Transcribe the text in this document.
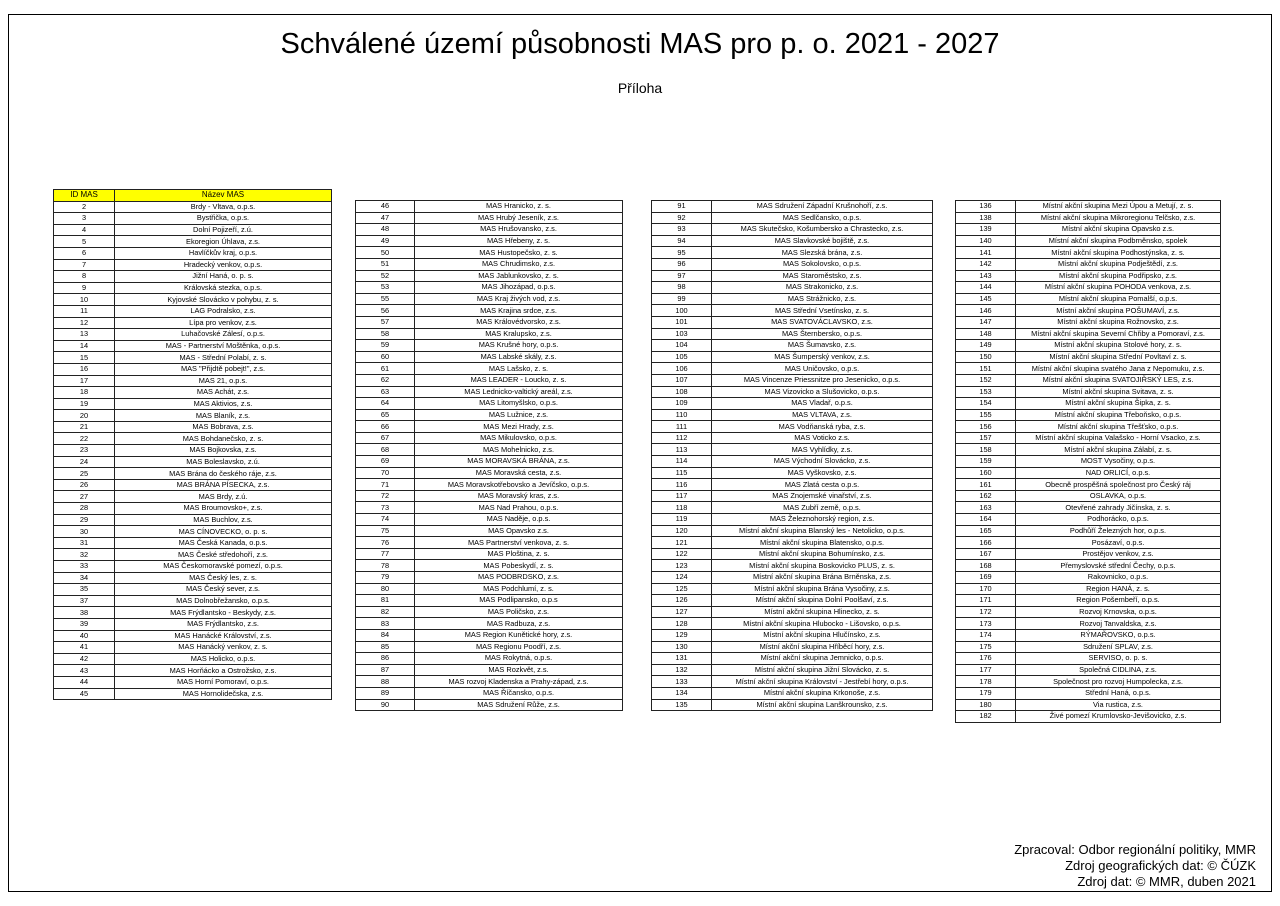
Schválené území působnosti MAS pro p. o. 2021 - 2027
Příloha
ID MAS	Název MAS
2	Brdy - Vltava, o.p.s.
3	Bystřička, o.p.s.
4	Dolní Pojizeří, z.ú.
5	Ekoregion Úhlava, z.s.
6	Havlíčkův kraj, o.p.s.
7	Hradecký venkov, o.p.s.
8	Jižní Haná, o. p. s.
9	Královská stezka, o.p.s.
10	Kyjovské Slovácko v pohybu, z. s.
11	LAG Podralsko, z.s.
12	Lípa pro venkov, z.s.
13	Luhačovské Zálesí, o.p.s.
14	MAS - Partnerství Moštěnka, o.p.s.
15	MAS - Střední Polabí, z. s.
16	MAS "Přijdtě pobejt!", z.s.
17	MAS 21, o.p.s.
18	MAS Achát, z.s.
19	MAS Aktivios, z.s.
20	MAS Blaník, z.s.
21	MAS Bobrava, z.s.
22	MAS Bohdanečsko, z. s.
23	MAS Bojkovska, z.s.
24	MAS Boleslavsko, z.ú.
25	MAS Brána do českého ráje, z.s.
26	MAS BRÁNA PÍSECKA, z.s.
27	MAS Brdy, z.ú.
28	MAS Broumovsko+, z.s.
29	MAS Buchlov, z.s.
30	MAS CÍNOVECKO, o. p. s.
31	MAS Česká Kanada, o.p.s.
32	MAS České středohoří, z.s.
33	MAS Českomoravské pomezí, o.p.s.
34	MAS Český les, z. s.
35	MAS Český sever, z.s.
37	MAS Dolnobřežansko, o.p.s.
38	MAS Frýdlantsko - Beskydy, z.s.
39	MAS Frýdlantsko, z.s.
40	MAS Hanácké Království, z.s.
41	MAS Hanácký venkov, z. s.
42	MAS Holicko, o.p.s.
43	MAS Horňácko a Ostrožsko, z.s.
44	MAS Horní Pomoraví, o.p.s.
45	MAS Hornolidečska, z.s.
46	MAS Hranicko, z. s.
47	MAS Hrubý Jeseník, z.s.
48	MAS Hrušovansko, z.s.
49	MAS Hřebeny, z. s.
50	MAS Hustopečsko, z. s.
51	MAS Chrudimsko, z.s.
52	MAS Jablunkovsko, z. s.
53	MAS Jihozápad, o.p.s.
55	MAS Kraj živých vod, z.s.
56	MAS Krajina srdce, z.s.
57	MAS Královédvorsko, z.s.
58	MAS Kralupsko, z.s.
59	MAS Krušné hory, o.p.s.
60	MAS Labské skály, z.s.
61	MAS Lašsko, z. s.
62	MAS LEADER - Loucko, z. s.
63	MAS Lednicko-valtický areál, z.s.
64	MAS Litomyšlsko, o.p.s.
65	MAS Lužnice, z.s.
66	MAS Mezi Hrady, z.s.
67	MAS Mikulovsko, o.p.s.
68	MAS Mohelnicko, z.s.
69	MAS MORAVSKÁ BRÁNA, z.s.
70	MAS Moravská cesta, z.s.
71	MAS Moravskotřebovsko a Jevíčsko, o.p.s.
72	MAS Moravský kras, z.s.
73	MAS Nad Prahou, o.p.s.
74	MAS Naděje, o.p.s.
75	MAS Opavsko z.s.
76	MAS Partnerství venkova, z. s.
77	MAS Ploština, z. s.
78	MAS Pobeskydí, z. s.
79	MAS PODBRDSKO, z.s.
80	MAS Podchlumí, z. s.
81	MAS Podlipansko, o.p.s
82	MAS Poličsko, z.s.
83	MAS Radbuza, z.s.
84	MAS Region Kunětické hory, z.s.
85	MAS Regionu Poodří, z.s.
86	MAS Rokytná, o.p.s.
87	MAS Rozkvět, z.s.
88	MAS rozvoj Kladenska a Prahy-západ, z.s.
89	MAS Říčansko, o.p.s.
90	MAS Sdružení Růže, z.s.
91	MAS Sdružení Západní Krušnohoří, z.s.
92	MAS Sedlčansko, o.p.s.
93	MAS Skutečsko, Košumbersko a Chrastecko, z.s.
94	MAS Slavkovské bojiště, z.s.
95	MAS Slezská brána, z.s.
96	MAS Sokolovsko, o.p.s.
97	MAS Staroměstsko, z.s.
98	MAS Strakonicko, z.s.
99	MAS Strážnicko, z.s.
100	MAS Střední Vsetínsko, z. s.
101	MAS SVATOVÁCLAVSKO, z.s.
103	MAS Šternbersko, o.p.s.
104	MAS Šumavsko, z.s.
105	MAS Šumperský venkov, z.s.
106	MAS Uničovsko, o.p.s.
107	MAS Vincenze Priessnitze pro Jesenicko, o.p.s.
108	MAS Vizovicko a Slušovicko, o.p.s.
109	MAS Vladař, o.p.s.
110	MAS VLTAVA, z.s.
111	MAS Vodňanská ryba, z.s.
112	MAS Voticko z.s.
113	MAS Vyhlídky, z.s.
114	MAS Východní Slovácko, z.s.
115	MAS Vyškovsko, z.s.
116	MAS Zlatá cesta o.p.s.
117	MAS Znojemské vinařství, z.s.
118	MAS Zubří země, o.p.s.
119	MAS Železnohorský region, z.s.
120	Místní akční skupina Blanský les - Netolicko, o.p.s.
121	Místní akční skupina Blatensko, o.p.s.
122	Místní akční skupina Bohumínsko, z.s.
123	Místní akční skupina Boskovicko PLUS, z. s.
124	Místní akční skupina Brána Brněnska, z.s.
125	Místní akční skupina Brána Vysočiny, z.s.
126	Místní akční skupina Dolní Poolšaví, z.s.
127	Místní akční skupina Hlinecko, z. s.
128	Místní akční skupina Hlubocko - Lišovsko, o.p.s.
129	Místní akční skupina Hlučínsko, z.s.
130	Místní akční skupina Hříběcí hory, z.s.
131	Místní akční skupina Jemnicko, o.p.s.
132	Místní akční skupina Jižní Slovácko, z. s.
133	Místní akční skupina Království - Jestřebí hory, o.p.s.
134	Místní akční skupina Krkonoše, z.s.
135	Místní akční skupina Lanškrounsko, z.s.
136	Místní akční skupina Mezi Úpou a Metují, z. s.
138	Místní akční skupina Mikroregionu Telčsko, z.s.
139	Místní akční skupina Opavsko z.s.
140	Místní akční skupina Podbrněnsko, spolek
141	Místní akční skupina Podhostýnska, z. s.
142	Místní akční skupina Podještědí, z.s.
143	Místní akční skupina Podřipsko, z.s.
144	Místní akční skupina POHODA venkova, z.s.
145	Místní akční skupina Pomalší, o.p.s.
146	Místní akční skupina POŠUMAVÍ, z.s.
147	Místní akční skupina Rožnovsko, z.s.
148	Místní akční skupina Severní Chřiby a Pomoraví, z.s.
149	Místní akční skupina Stolové hory, z. s.
150	Místní akční skupina Střední Povltaví z. s.
151	Místní akční skupina svatého Jana z Nepomuku, z.s.
152	Místní akční skupina SVATOJIŘSKÝ LES, z.s.
153	Místní akční skupina Svitava, z. s.
154	Místní akční skupina Šipka, z. s.
155	Místní akční skupina Třeboňsko, o.p.s.
156	Místní akční skupina Třešťsko, o.p.s.
157	Místní akční skupina Valašsko - Horní Vsacko, z.s.
158	Místní akční skupina Zálabí, z. s.
159	MOST Vysočiny, o.p.s.
160	NAD ORLICÍ, o.p.s.
161	Obecně prospěšná společnost pro Český ráj
162	OSLAVKA, o.p.s.
163	Otevřené zahrady Jičínska, z. s.
164	Podhorácko, o.p.s.
165	Podhůří Železných hor, o.p.s.
166	Posázaví, o.p.s.
167	Prostějov venkov, z.s.
168	Přemyslovské střední Čechy, o.p.s.
169	Rakovnicko, o.p.s.
170	Region HANÁ, z. s.
171	Region Pošembeří, o.p.s.
172	Rozvoj Krnovska, o.p.s.
173	Rozvoj Tanvaldska, z.s.
174	RÝMAŘOVSKO, o.p.s.
175	Sdružení SPLAV, z.s.
176	SERVISO, o. p. s.
177	Společná CIDLINA, z.s.
178	Společnost pro rozvoj Humpolecka, z.s.
179	Střední Haná, o.p.s.
180	Via rustica, z.s.
182	Živé pomezí Krumlovsko-Jevišovicko, z.s.
Zpracoval: Odbor regionální politiky, MMR
Zdroj geografických dat: © ČÚZK
Zdroj dat: © MMR, duben 2021
